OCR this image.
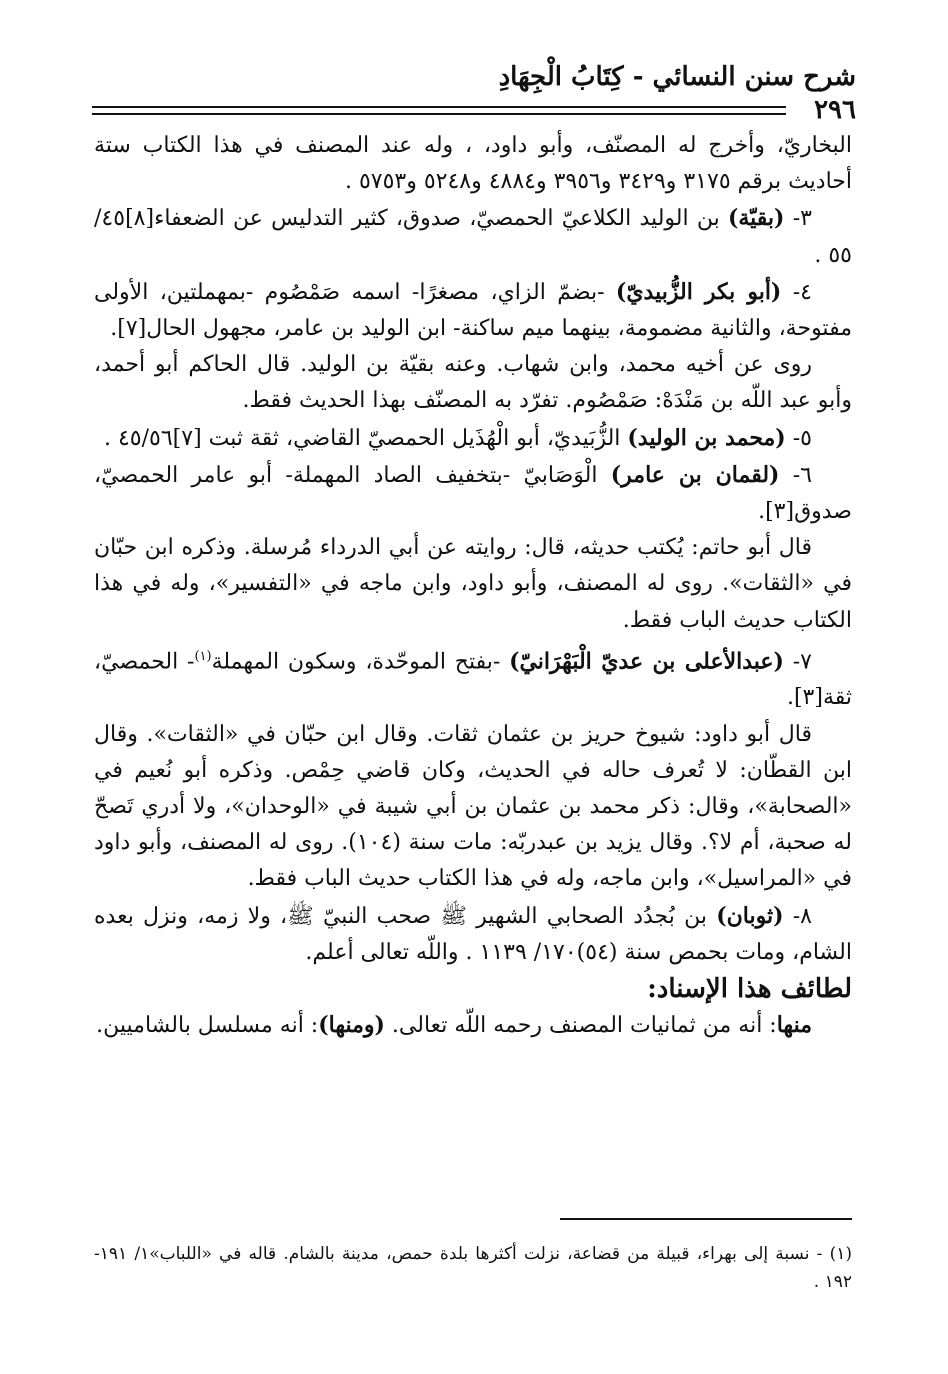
شرح سنن النسائي - كِتَابُ الْجِهَادِ
٢٩٦

البخاريّ، وأخرج له المصنّف، وأبو داود، ، وله عند المصنف في هذا الكتاب ستة أحاديث برقم ٣١٧٥ و٣٤٢٩ و٣٩٥٦ و٤٨٨٤ و٥٢٤٨ و٥٧٥٣ .

٣- (بقيّة) بن الوليد الكلاعيّ الحمصيّ، صدوق، كثير التدليس عن الضعفاء[٨]٤٥/ ٥٥ .

٤- (أبو بكر الزُّبيديّ) -بضمّ الزاي، مصغرًا- اسمه صَمْصُوم -بمهملتين، الأولى مفتوحة، والثانية مضمومة، بينهما ميم ساكنة- ابن الوليد بن عامر، مجهول الحال[٧].

روى عن أخيه محمد، وابن شهاب. وعنه بقيّة بن الوليد. قال الحاكم أبو أحمد، وأبو عبد اللّه بن مَنْدَهْ: صَمْصُوم. تفرّد به المصنّف بهذا الحديث فقط.

٥- (محمد بن الوليد) الزُّبَيديّ، أبو الْهُذَيل الحمصيّ القاضي، ثقة ثبت [٧]٤٥/٥٦ .

٦- (لقمان بن عامر) الْوَصَابيّ -بتخفيف الصاد المهملة- أبو عامر الحمصيّ، صدوق[٣].

قال أبو حاتم: يُكتب حديثه، قال: روايته عن أبي الدرداء مُرسلة. وذكره ابن حبّان في «الثقات». روى له المصنف، وأبو داود، وابن ماجه في «التفسير»، وله في هذا الكتاب حديث الباب فقط.

٧- (عبدالأعلى بن عديّ الْبَهْرَانيّ) -بفتح الموحّدة، وسكون المهملة$^{(١)}$- الحمصيّ، ثقة[٣].

قال أبو داود: شيوخ حريز بن عثمان ثقات. وقال ابن حبّان في «الثقات». وقال ابن القطّان: لا تُعرف حاله في الحديث، وكان قاضي حِمْص. وذكره أبو نُعيم في «الصحابة»، وقال: ذكر محمد بن عثمان بن أبي شيبة في «الوحدان»، ولا أدري تَصحّ له صحبة، أم لا؟. وقال يزيد بن عبدربّه: مات سنة (١٠٤). روى له المصنف، وأبو داود في «المراسيل»، وابن ماجه، وله في هذا الكتاب حديث الباب فقط.

٨- (ثوبان) بن بُجدُد الصحابي الشهير ﷺ صحب النبيّ ﷺ، ولا زمه، ونزل بعده الشام، ومات بحمص سنة (٥٤)١٧٠/ ١١٣٩ . واللّه تعالى أعلم.

لطائف هذا الإسناد:

منها: أنه من ثمانيات المصنف رحمه اللّه تعالى. (ومنها): أنه مسلسل بالشاميين.

(١) - نسبة إلى بهراء، قبيلة من قضاعة، نزلت أكثرها بلدة حمص، مدينة بالشام. قاله في «اللباب»١/ ١٩١- ١٩٢ .
